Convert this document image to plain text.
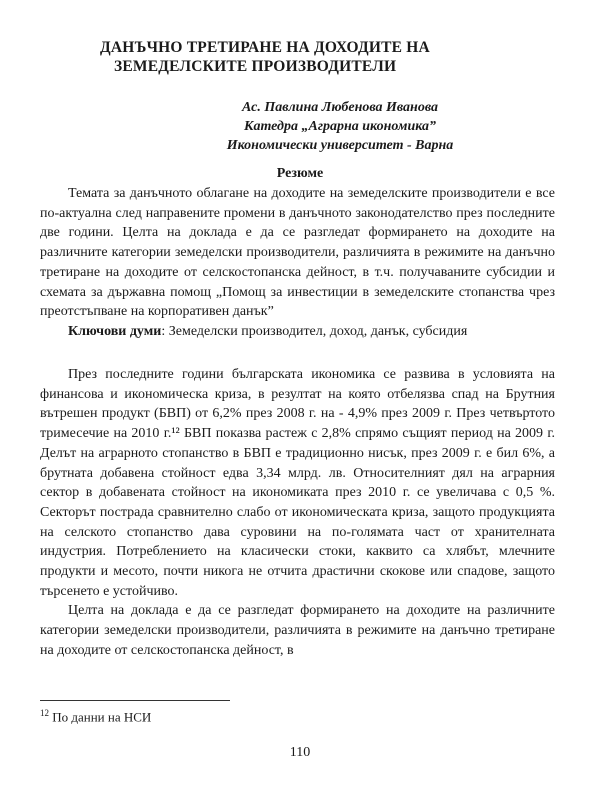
ДАНЪЧНО ТРЕТИРАНЕ НА ДОХОДИТЕ НА
ЗЕМЕДЕЛСКИТЕ ПРОИЗВОДИТЕЛИ
Ас. Павлина Любенова Иванова
Катедра „Аграрна икономика”
Икономически университет - Варна
Резюме

Темата за данъчното облагане на доходите на земеделските производители е все по-актуална след направените промени в данъчното законодателство през последните две години. Целта на доклада е да се разгледат формирането на доходите на различните категории земеделски производители, различията в режимите на данъчно третиране на доходите от селскостопанска дейност, в т.ч. получаваните субсидии и схемата за държавна помощ „Помощ за инвестиции в земеделските стопанства чрез преотстъпване на корпоративен данък”

Ключови думи: Земеделски производител, доход, данък, субсидия

През последните години българската икономика се развива в условията на финансова и икономическа криза, в резултат на която отбелязва спад на Брутния вътрешен продукт (БВП) от 6,2% през 2008 г. на - 4,9% през 2009 г. През четвъртото тримесечие на 2010 г.¹² БВП показва растеж с 2,8% спрямо същият период на 2009 г. Делът на аграрното стопанство в БВП е традиционно нисък, през 2009 г. е бил 6%, а брутната добавена стойност едва 3,34 млрд. лв. Относителният дял на аграрния сектор в добавената стойност на икономиката през 2010 г. се увеличава с 0,5 %. Секторът пострада сравнително слабо от икономическата криза, защото продукцията на селското стопанство дава суровини на по-голямата част от хранителната индустрия. Потреблението на класически стоки, каквито са хлябът, млечните продукти и месото, почти никога не отчита драстични скокове или спадове, защото търсенето е устойчиво.

Целта на доклада е да се разгледат формирането на доходите на различните категории земеделски производители, различията в режимите на данъчно третиране на доходите от селскостопанска дейност, в

$^{12}$ По данни на НСИ
110
